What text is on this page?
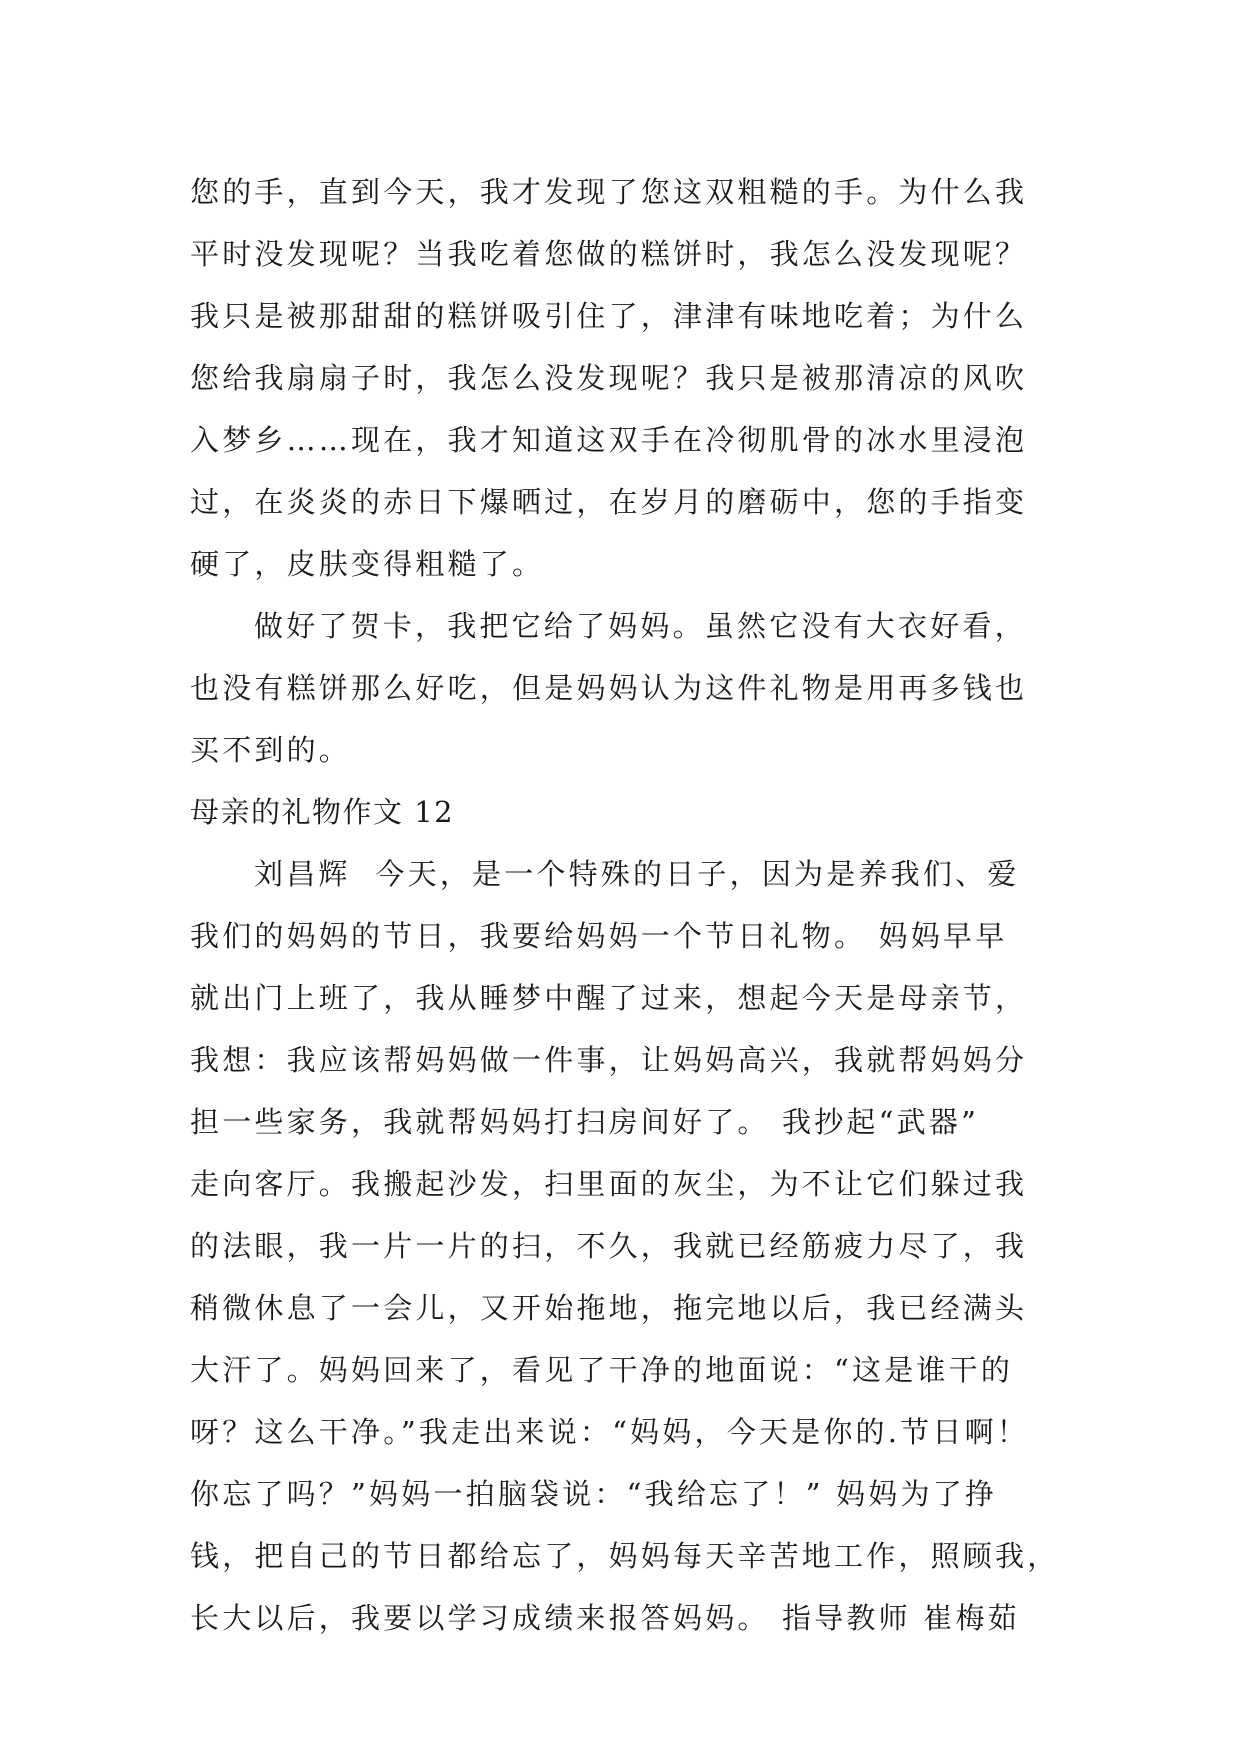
您的手，直到今天，我才发现了您这双粗糙的手。为什么我
平时没发现呢？当我吃着您做的糕饼时，我怎么没发现呢？
我只是被那甜甜的糕饼吸引住了，津津有味地吃着；为什么
您给我扇扇子时，我怎么没发现呢？我只是被那清凉的风吹
入梦乡……现在，我才知道这双手在冷彻肌骨的冰水里浸泡
过，在炎炎的赤日下爆晒过，在岁月的磨砺中，您的手指变
硬了，皮肤变得粗糙了。
做好了贺卡，我把它给了妈妈。虽然它没有大衣好看，
也没有糕饼那么好吃，但是妈妈认为这件礼物是用再多钱也
买不到的。
母亲的礼物作文 12
刘昌辉  今天，是一个特殊的日子，因为是养我们、爱
我们的妈妈的节日，我要给妈妈一个节日礼物。 妈妈早早
就出门上班了，我从睡梦中醒了过来，想起今天是母亲节，
我想：我应该帮妈妈做一件事，让妈妈高兴，我就帮妈妈分
担一些家务，我就帮妈妈打扫房间好了。 我抄起“武器”
走向客厅。我搬起沙发，扫里面的灰尘，为不让它们躲过我
的法眼，我一片一片的扫，不久，我就已经筋疲力尽了，我
稍微休息了一会儿，又开始拖地，拖完地以后，我已经满头
大汗了。妈妈回来了，看见了干净的地面说：“这是谁干的
呀？这么干净。”我走出来说：“妈妈，今天是你的.节日啊！
你忘了吗？”妈妈一拍脑袋说：“我给忘了！” 妈妈为了挣
钱，把自己的节日都给忘了，妈妈每天辛苦地工作，照顾我，
长大以后，我要以学习成绩来报答妈妈。 指导教师 崔梅茹
